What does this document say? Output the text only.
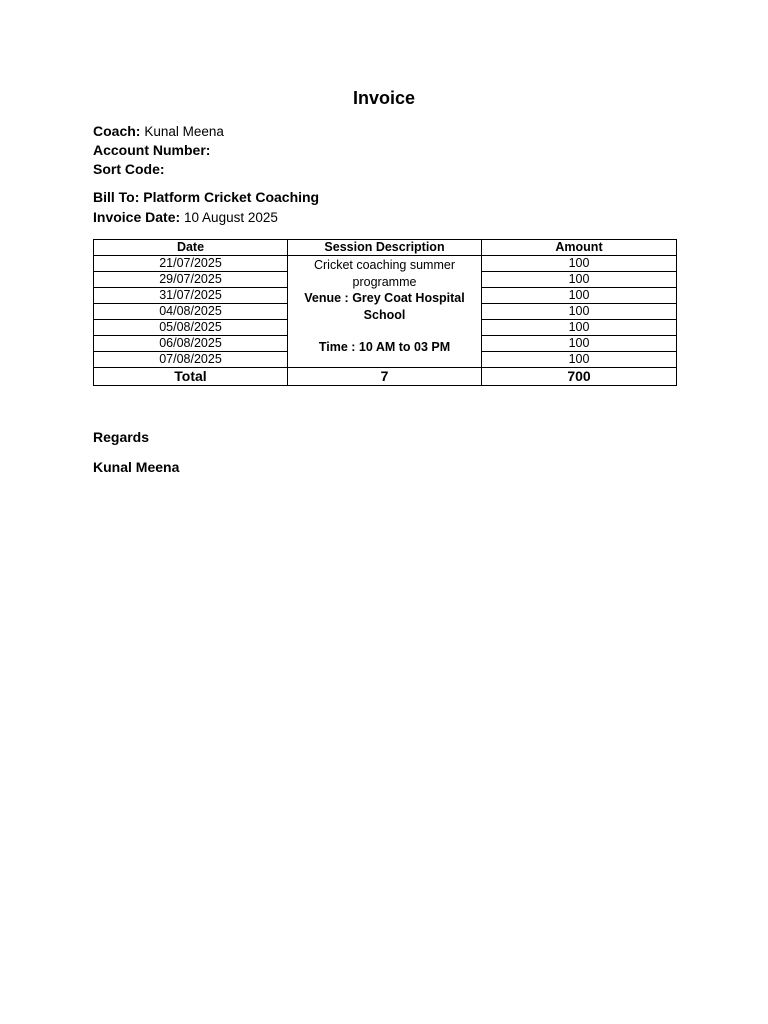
Invoice
Coach: Kunal Meena
Account Number:
Sort Code:
Bill To: Platform Cricket Coaching
Invoice Date: 10 August 2025
Date	Session Description	Amount
21/07/2025	Cricket coaching summer
programme
Venue : Grey Coat Hospital
School
Time : 10 AM to 03 PM	100
29/07/2025		100
31/07/2025		100
04/08/2025		100
05/08/2025		100
06/08/2025		100
07/08/2025		100
Total	7	700
Regards
Kunal Meena
